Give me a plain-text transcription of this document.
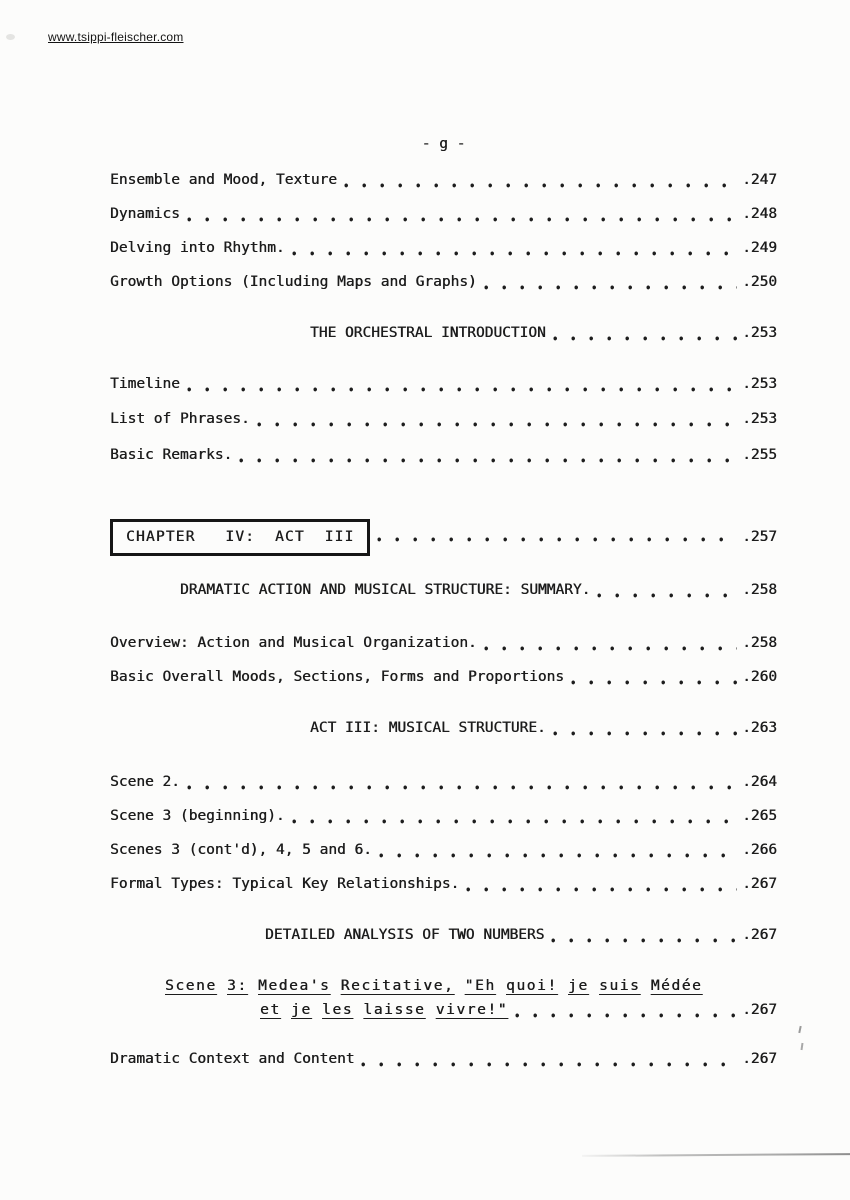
www.tsippi-fleischer.com
- g -
Ensemble and Mood, Texture	.247
Dynamics	.248
Delving into Rhythm.	.249
Growth Options (Including Maps and Graphs)	.250
THE ORCHESTRAL INTRODUCTION	.253
Timeline	.253
List of Phrases.	.253
Basic Remarks.	.255
CHAPTER   IV:  ACT  III	.257
DRAMATIC ACTION AND MUSICAL STRUCTURE: SUMMARY.	.258
Overview: Action and Musical Organization.	.258
Basic Overall Moods, Sections, Forms and Proportions	.260
ACT III: MUSICAL STRUCTURE.	.263
Scene 2.	.264
Scene 3 (beginning).	.265
Scenes 3 (cont'd), 4, 5 and 6.	.266
Formal Types: Typical Key Relationships.	.267
DETAILED ANALYSIS OF TWO NUMBERS	.267
Scene 3: Medea's Recitative, "Eh quoi! je suis Médée
et je les laisse vivre!"	.267
Dramatic Context and Content	.267
